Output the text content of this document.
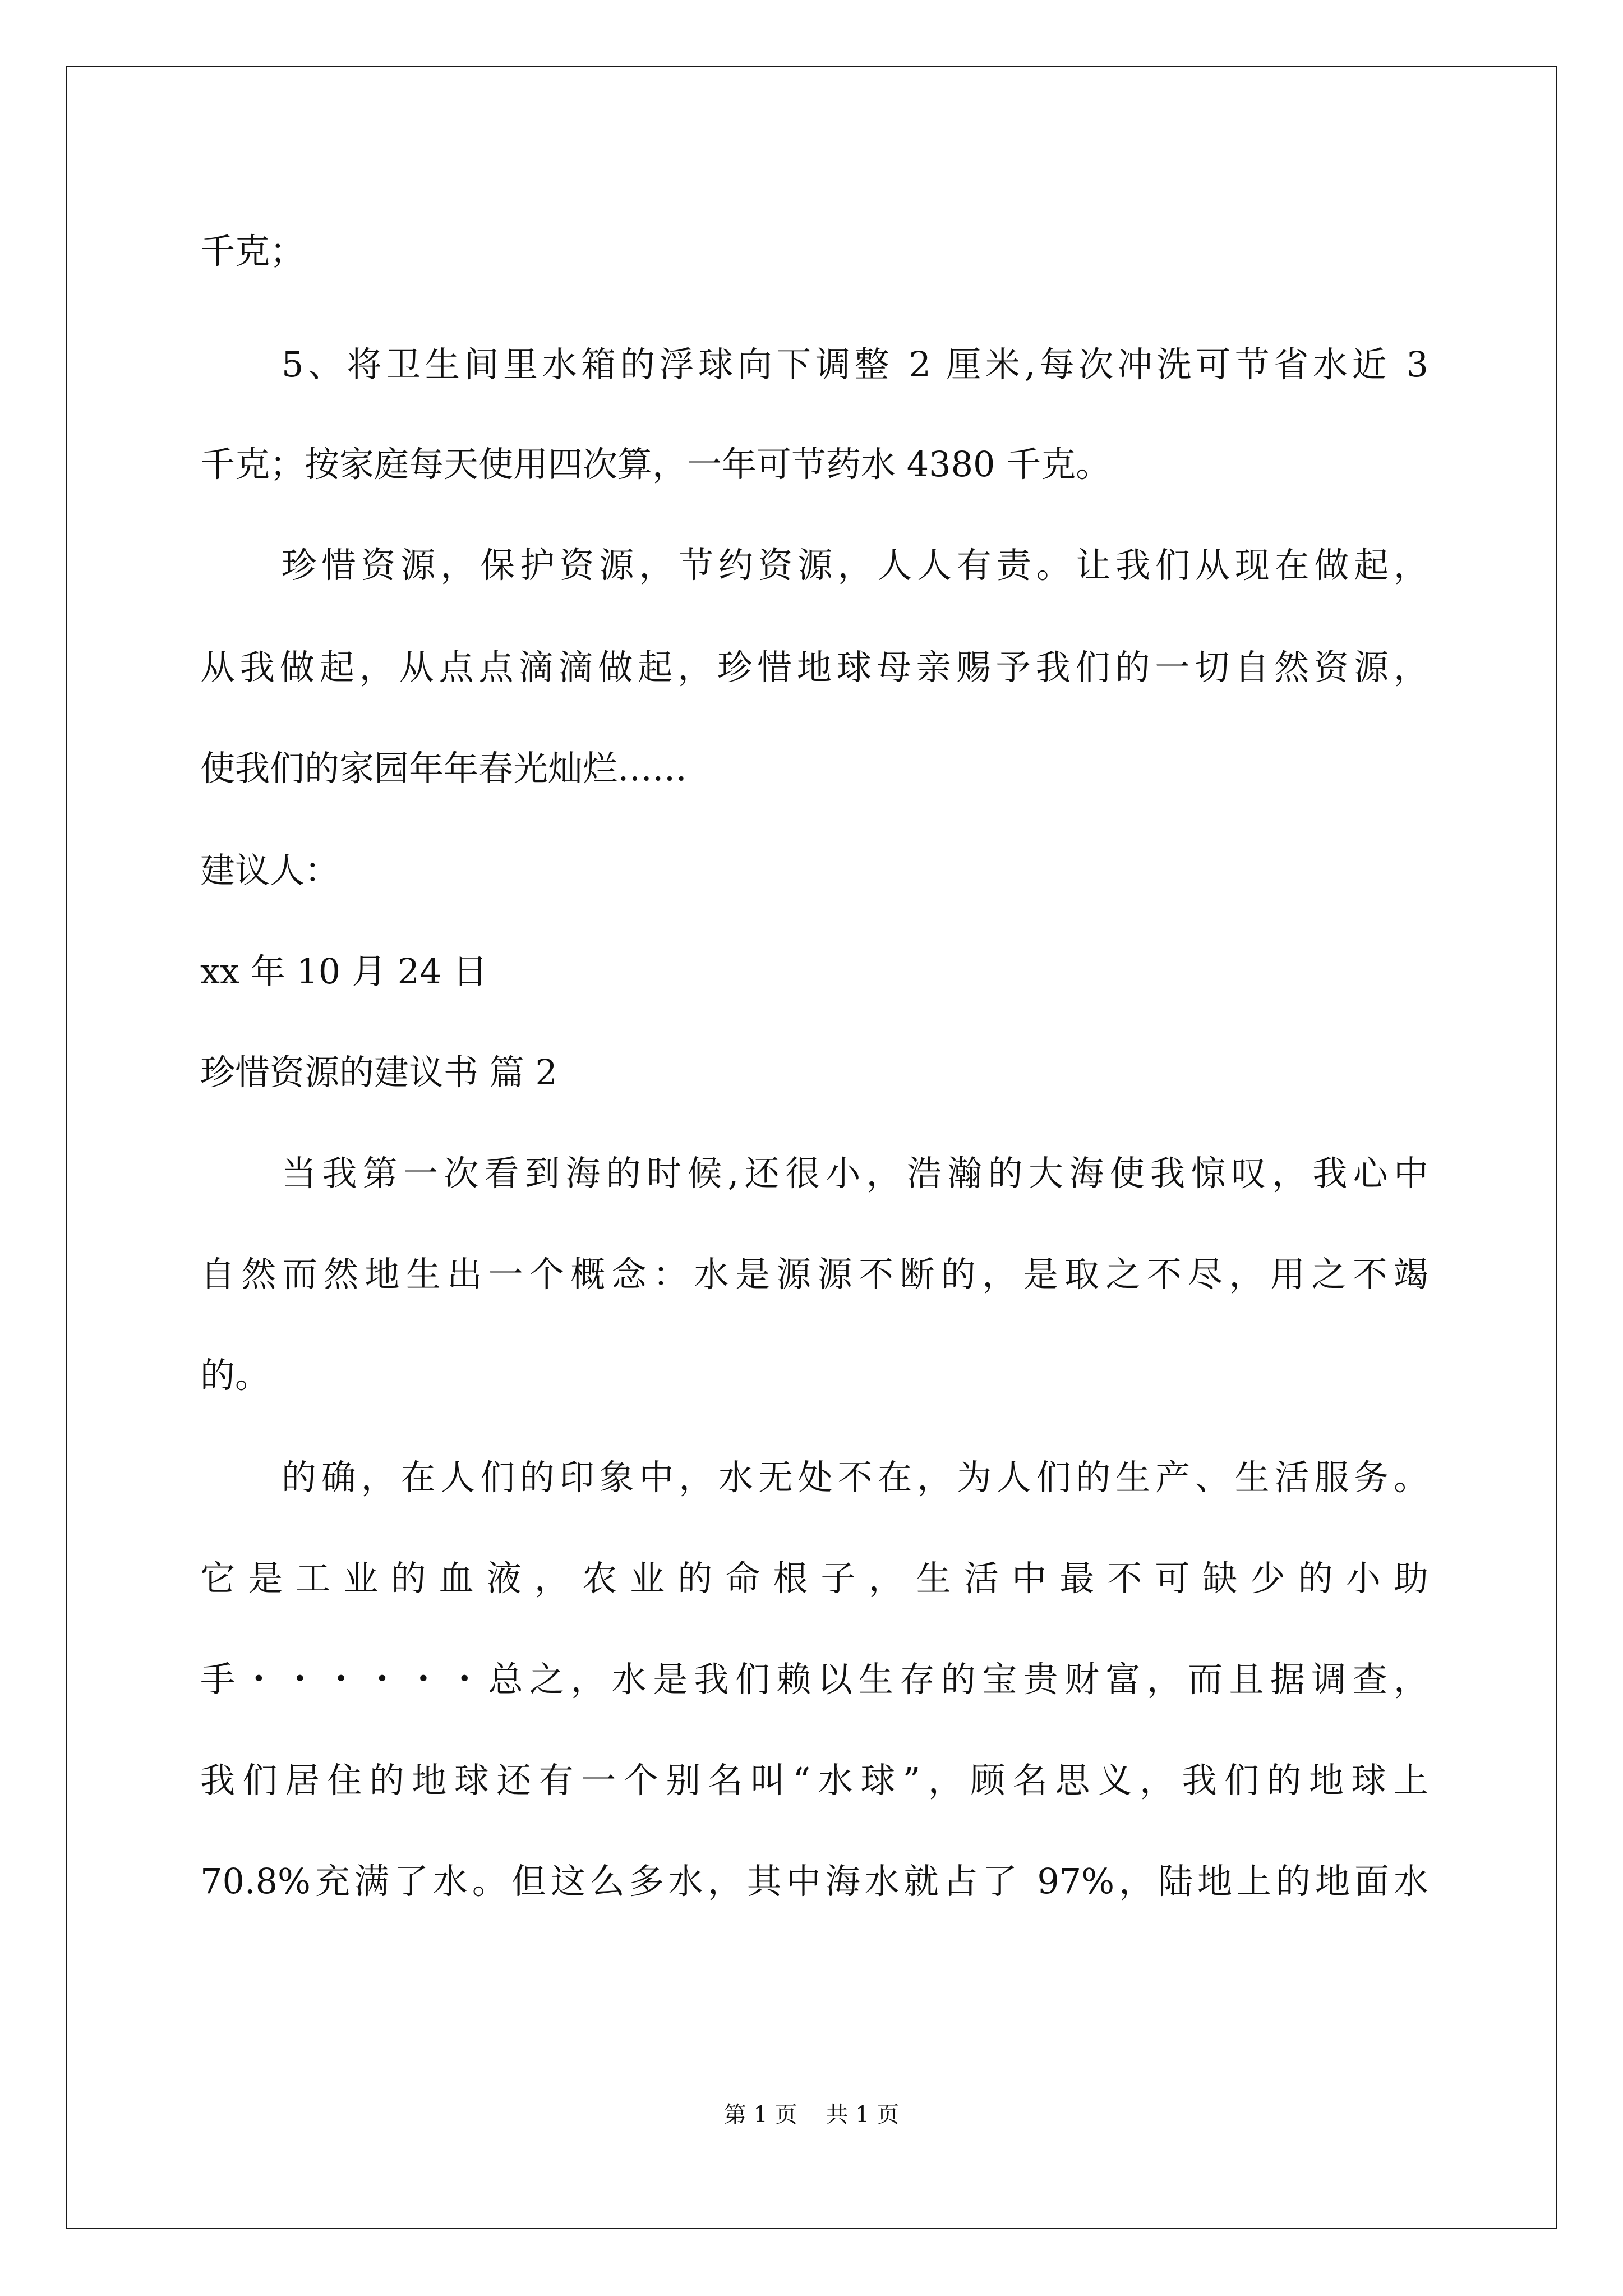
千克；

5、将卫生间里水箱的浮球向下调整 2 厘米,每次冲洗可节省水近 3

千克；按家庭每天使用四次算，一年可节药水 4380 千克。

珍惜资源，保护资源，节约资源，人人有责。让我们从现在做起，

从我做起，从点点滴滴做起，珍惜地球母亲赐予我们的一切自然资源，

使我们的家园年年春光灿烂……

建议人：

xx 年 10 月 24 日

珍惜资源的建议书 篇 2

当我第一次看到海的时候,还很小，浩瀚的大海使我惊叹，我心中

自然而然地生出一个概念：水是源源不断的，是取之不尽，用之不竭

的。

的确，在人们的印象中，水无处不在，为人们的生产、生活服务。

它是工业的血液，农业的命根子，生活中最不可缺少的小助

手・・・・・・总之，水是我们赖以生存的宝贵财富，而且据调查，

我们居住的地球还有一个别名叫“水球”，顾名思义，我们的地球上

70.8%充满了水。但这么多水，其中海水就占了 97%，陆地上的地面水

第 1 页    共 1 页
